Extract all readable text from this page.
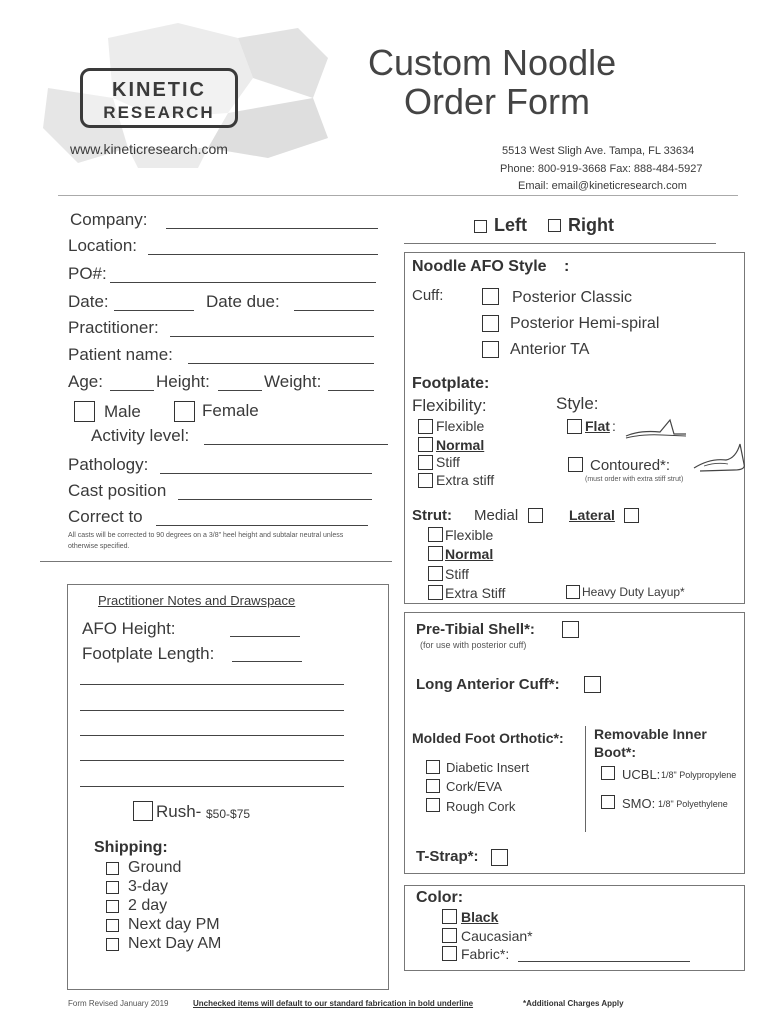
KINETIC
RESEARCH
www.kineticresearch.com
Custom Noodle
Order Form
5513 West Sligh Ave. Tampa, FL 33634
Phone: 800-919-3668 Fax: 888-484-5927
Email: email@kineticresearch.com
Company:
Location:
PO#:
Date:	Date due:
Practitioner:
Patient name:
Age:	Height:	Weight:
Male	Female
Activity level:
Pathology:
Cast position
Correct to
All casts will be corrected to 90 degrees on a 3/8" heel height and subtalar neutral unless
otherwise specified.
Practitioner Notes and Drawspace
AFO Height:
Footplate Length:
Rush- $50-$75
Shipping:
Ground
3-day
2 day
Next day PM
Next Day AM
Left Right
Noodle AFO Style :
Cuff:	Posterior Classic
Posterior Hemi-spiral
Anterior TA
Footplate:
Flexibility:	Style:
Flexible
Normal
Stiff
Extra stiff
Flat :
Contoured*:
(must order with extra stiff strut)
Strut: Medial	Lateral
Flexible
Normal
Stiff
Extra Stiff	Heavy Duty Layup*
Pre-Tibial Shell*:
(for use with posterior cuff)
Long Anterior Cuff*:
Molded Foot Orthotic*:
Diabetic Insert
Cork/EVA
Rough Cork
Removable Inner
Boot*:
UCBL: 1/8" Polypropylene
SMO: 1/8" Polyethylene
T-Strap*:
Color:
Black
Caucasian*
Fabric*:
Form Revised January 2019	Unchecked items will default to our standard fabrication in bold underline	*Additional Charges Apply
